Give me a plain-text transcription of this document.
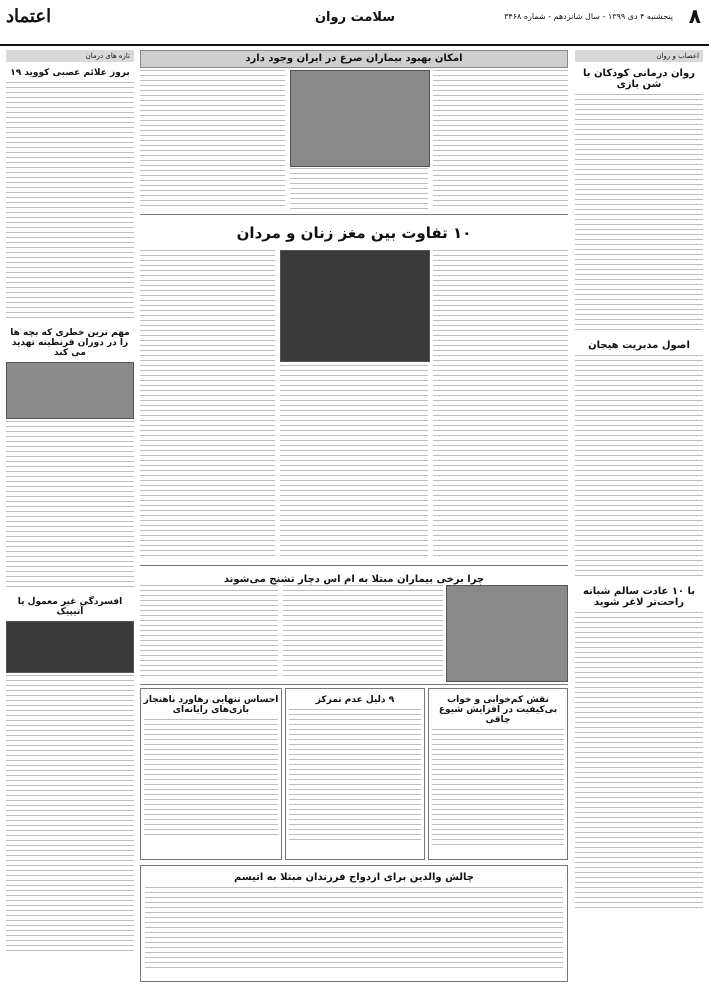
۸
پنجشنبه ۴ دی ۱۳۹۹ - سال شانزدهم - شماره ۳۴۶۸
سلامت روان
اعتماد
اعصاب و روان
روان درمانی کودکان با شن بازی
اصول مدیریت هیجان
با ۱۰ عادت سالم شبانه راحت‌تر لاغر شوید
تازه های درمان
بروز علائم عصبی کووید ۱۹
مهم ترین خطری که بچه ها را در دوران قرنطینه تهدید می کند
افسردگی غیر معمول یا آتیپیک
امکان بهبود بیماران صرع در ایران وجود دارد
۱۰ تفاوت بین مغز زنان و مردان
چرا برخی بیماران مبتلا به ام اس دچار تشنج می‌شوند
نقش کم‌خوابی و خواب بی‌کیفیت در افزایش شیوع چاقی
۹ دلیل عدم تمرکز
احساس تنهایی رهاورد ناهنجار بازی‌های رایانه‌ای
چالش والدین برای ازدواج فرزندان مبتلا به اتیسم
